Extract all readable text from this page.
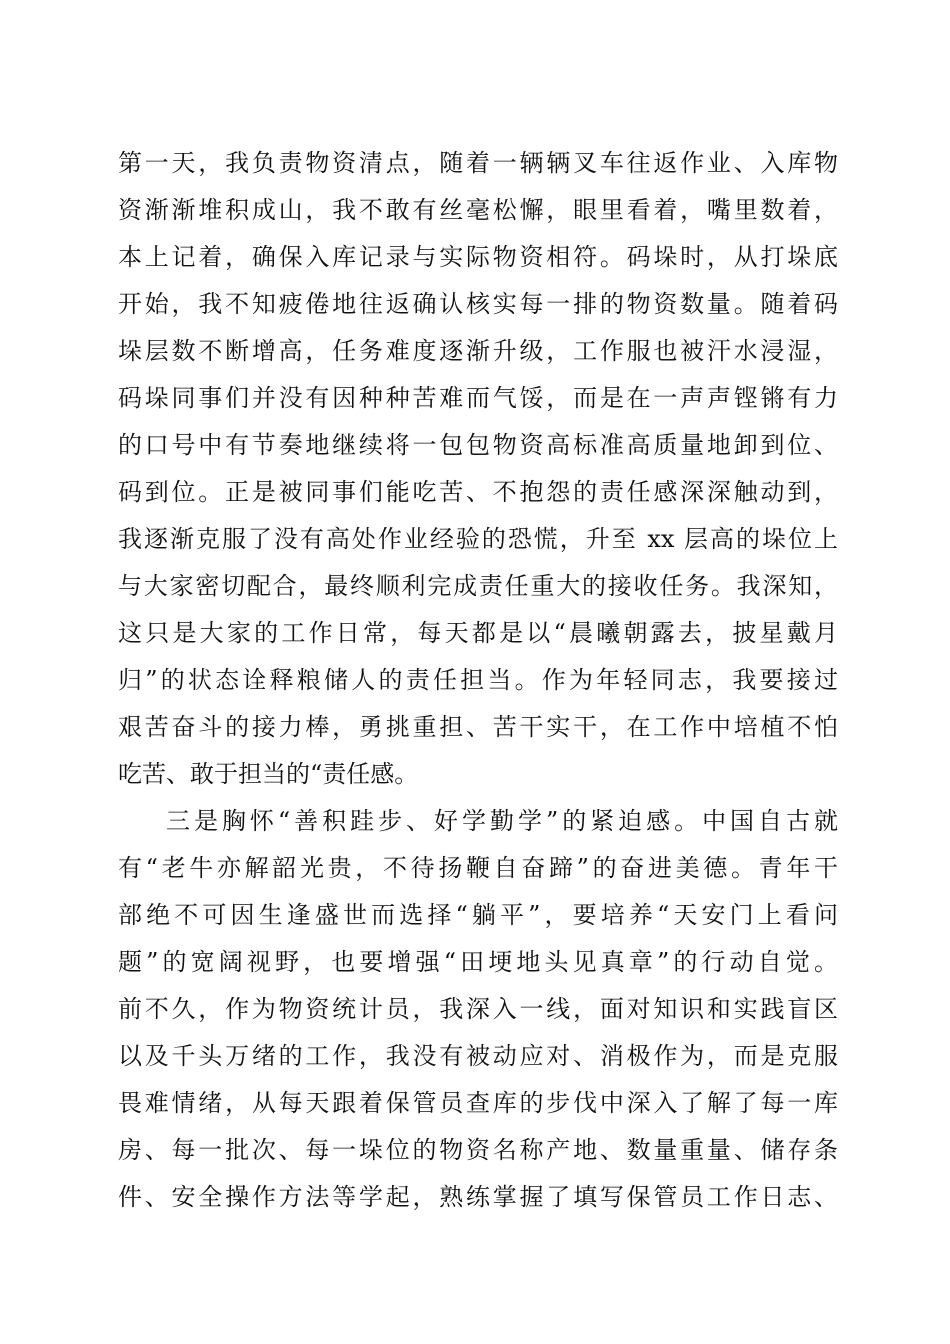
第一天，我负责物资清点，随着一辆辆叉车往返作业、入库物
资渐渐堆积成山，我不敢有丝毫松懈，眼里看着，嘴里数着，
本上记着，确保入库记录与实际物资相符。码垛时，从打垛底
开始，我不知疲倦地往返确认核实每一排的物资数量。随着码
垛层数不断增高，任务难度逐渐升级，工作服也被汗水浸湿，
码垛同事们并没有因种种苦难而气馁，而是在一声声铿锵有力
的口号中有节奏地继续将一包包物资高标准高质量地卸到位、
码到位。正是被同事们能吃苦、不抱怨的责任感深深触动到，
我逐渐克服了没有高处作业经验的恐慌，升至 xx 层高的垛位上
与大家密切配合，最终顺利完成责任重大的接收任务。我深知，
这只是大家的工作日常，每天都是以“晨曦朝露去，披星戴月
归”的状态诠释粮储人的责任担当。作为年轻同志，我要接过
艰苦奋斗的接力棒，勇挑重担、苦干实干，在工作中培植不怕
吃苦、敢于担当的“责任感。
三是胸怀“善积跬步、好学勤学”的紧迫感。中国自古就
有“老牛亦解韶光贵，不待扬鞭自奋蹄”的奋进美德。青年干
部绝不可因生逢盛世而选择“躺平”，要培养“天安门上看问
题”的宽阔视野，也要增强“田埂地头见真章”的行动自觉。
前不久，作为物资统计员，我深入一线，面对知识和实践盲区
以及千头万绪的工作，我没有被动应对、消极作为，而是克服
畏难情绪，从每天跟着保管员查库的步伐中深入了解了每一库
房、每一批次、每一垛位的物资名称产地、数量重量、储存条
件、安全操作方法等学起，熟练掌握了填写保管员工作日志、
